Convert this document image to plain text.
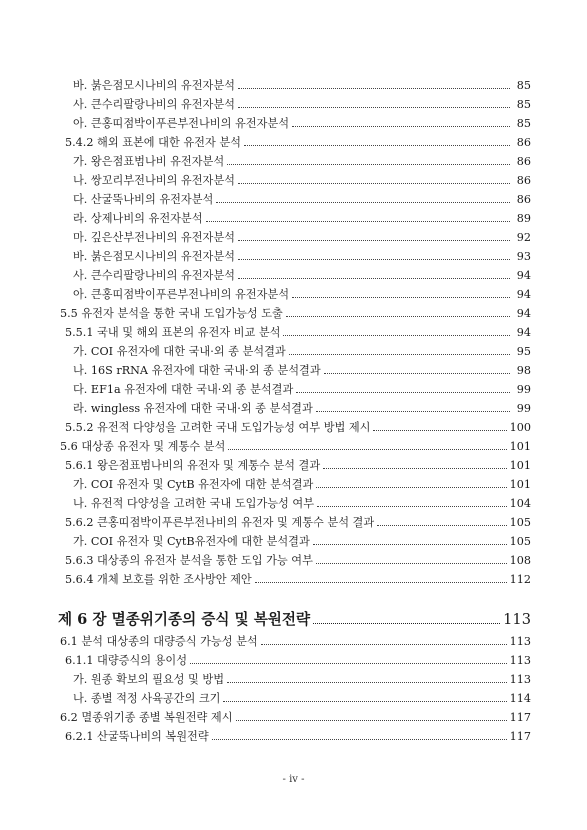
바. 붉은점모시나비의 유전자분석	85
사. 큰수리팔랑나비의 유전자분석	85
아. 큰홍띠점박이푸른부전나비의 유전자분석	85
5.4.2 해외 표본에 대한 유전자 분석	86
가. 왕은점표범나비 유전자분석	86
나. 쌍꼬리부전나비의 유전자분석	86
다. 산굴뚝나비의 유전자분석	86
라. 상제나비의 유전자분석	89
마. 깊은산부전나비의 유전자분석	92
바. 붉은점모시나비의 유전자분석	93
사. 큰수리팔랑나비의 유전자분석	94
아. 큰홍띠점박이푸른부전나비의 유전자분석	94
5.5 유전자 분석을 통한 국내 도입가능성 도출	94
5.5.1 국내 및 해외 표본의 유전자 비교 분석	94
가. COI 유전자에 대한 국내·외 종 분석결과	95
나. 16S rRNA 유전자에 대한 국내·외 종 분석결과	98
다. EF1a 유전자에 대한 국내·외 종 분석결과	99
라. wingless 유전자에 대한 국내·외 종 분석결과	99
5.5.2 유전적 다양성을 고려한 국내 도입가능성 여부 방법 제시	100
5.6 대상종 유전자 및 계통수 분석	101
5.6.1 왕은점표범나비의 유전자 및 계통수 분석 결과	101
가. COI 유전자 및 CytB 유전자에 대한 분석결과	101
나. 유전적 다양성을 고려한 국내 도입가능성 여부	104
5.6.2 큰홍띠점박이푸른부전나비의 유전자 및 계통수 분석 결과	105
가. COI 유전자 및 CytB유전자에 대한 분석결과	105
5.6.3 대상종의 유전자 분석을 통한 도입 가능 여부	108
5.6.4 개체 보호를 위한 조사방안 제안	112
제 6 장 멸종위기종의 증식 및 복원전략	113
6.1 분석 대상종의 대량증식 가능성 분석	113
6.1.1 대량증식의 용이성	113
가. 원종 확보의 필요성 및 방법	113
나. 종별 적정 사육공간의 크기	114
6.2 멸종위기종 종별 복원전략 제시	117
6.2.1 산굴뚝나비의 복원전략	117
- iv -
